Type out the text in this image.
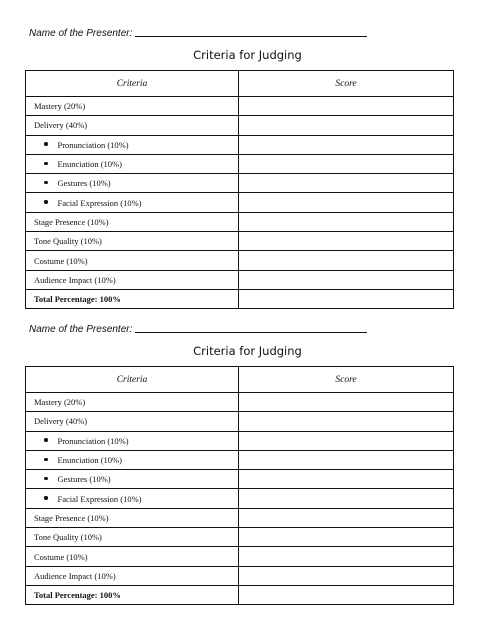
Name of the Presenter:
Criteria for Judging
Criteria	Score
Mastery (20%)	
Delivery (40%)	
Pronunciation (10%)	
Enunciation (10%)	
Gestures (10%)	
Facial Expression (10%)	
Stage Presence (10%)	
Tone Quality (10%)	
Costume (10%)	
Audience Impact (10%)	
Total Percentage: 100%	
Name of the Presenter:
Criteria for Judging
Criteria	Score
Mastery (20%)	
Delivery (40%)	
Pronunciation (10%)	
Enunciation (10%)	
Gestures (10%)	
Facial Expression (10%)	
Stage Presence (10%)	
Tone Quality (10%)	
Costume (10%)	
Audience Impact (10%)	
Total Percentage: 100%	
